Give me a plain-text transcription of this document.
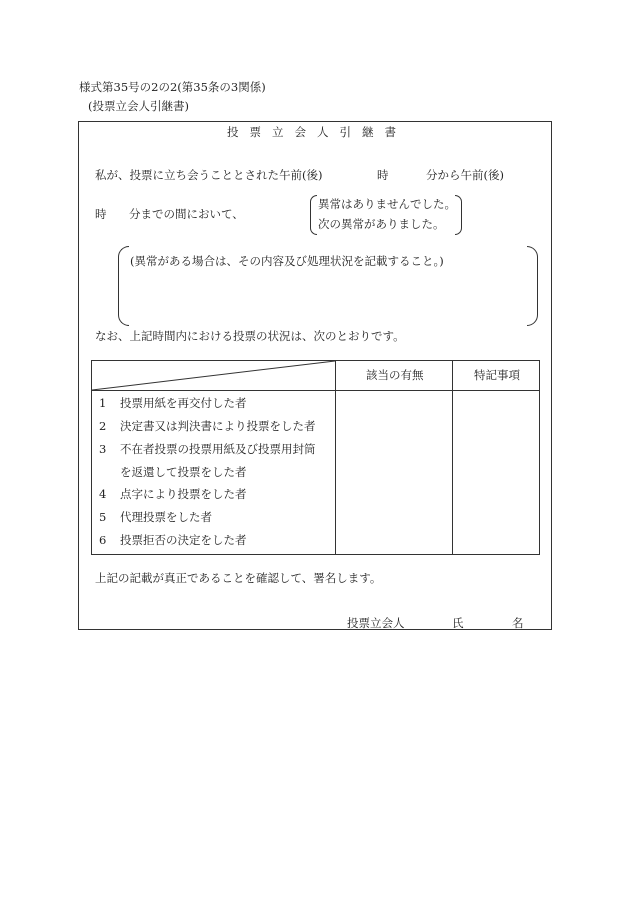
様式第35号の2の2(第35条の3関係)
(投票立会人引継書)
投票立会人引継書
私が、投票に立ち会うこととされた午前(後)	時	分から午前(後)
時 分までの間において、
異常はありませんでした。
次の異常がありました。
(異常がある場合は、その内容及び処理状況を記載すること。)
なお、上記時間内における投票の状況は、次のとおりです。
該当の有無	特記事項
1 投票用紙を再交付した者
2 決定書又は判決書により投票をした者
3 不在者投票の投票用紙及び投票用封筒
を返還して投票をした者
4 点字により投票をした者
5 代理投票をした者
6 投票拒否の決定をした者
上記の記載が真正であることを確認して、署名します。
投票立会人	氏	名
